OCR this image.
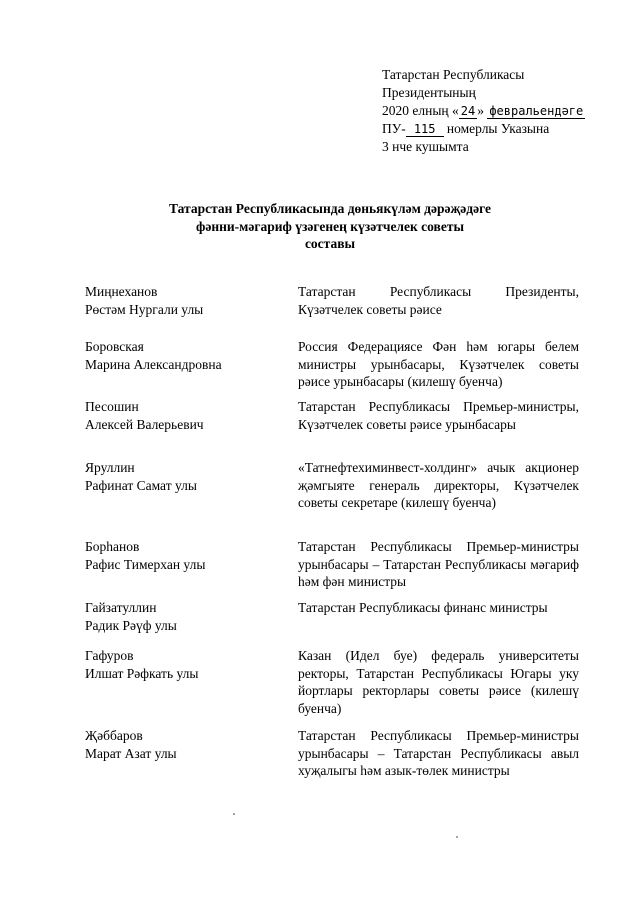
Татарстан Республикасы
Президентының
2020 елның « 24 » февральендәге
ПУ- 115 номерлы Указына
3 нче кушымта
Татарстан Республикасында дөньякүләм дәрәҗәдәге
фәнни-мәгариф үзәгенең күзәтчелек советы
составы
Миңнеханов
Рөстәм Нургали улы
Татарстан Республикасы Президенты, Күзәтчелек советы рәисе
Боровская
Марина Александровна
Россия Федерациясе Фән һәм югары белем министры урынбасары, Күзәтчелек советы рәисе урынбасары (килешү буенча)
Песошин
Алексей Валерьевич
Татарстан Республикасы Премьер-министры, Күзәтчелек советы рәисе урынбасары
Яруллин
Рафинат Самат улы
«Татнефтехиминвест-холдинг» ачык акционер җәмгыяте генераль директоры, Күзәтчелек советы секретаре (килешү буенча)
Борһанов
Рафис Тимерхан улы
Татарстан Республикасы Премьер-министры урынбасары – Татарстан Республикасы мәгариф һәм фән министры
Гайзатуллин
Радик Рәүф улы
Татарстан Республикасы финанс министры
Гафуров
Илшат Рәфкать улы
Казан (Идел буе) федераль университеты ректоры, Татарстан Республикасы Югары уку йортлары ректорлары советы рәисе (килешү буенча)
Җәббаров
Марат Азат улы
Татарстан Республикасы Премьер-министры урынбасары – Татарстан Республикасы авыл хуҗалыгы һәм азык-төлек министры
